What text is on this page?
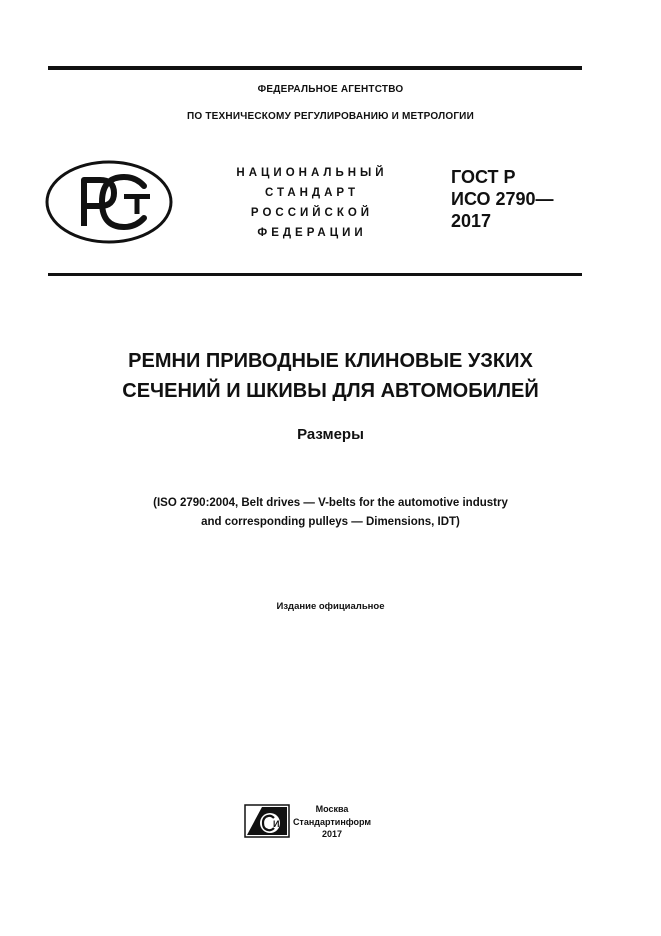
ФЕДЕРАЛЬНОЕ АГЕНТСТВО
ПО ТЕХНИЧЕСКОМУ РЕГУЛИРОВАНИЮ И МЕТРОЛОГИИ
НАЦИОНАЛЬНЫЙ
СТАНДАРТ
РОССИЙСКОЙ
ФЕДЕРАЦИИ
ГОСТ Р
ИСО 2790—
2017
РЕМНИ ПРИВОДНЫЕ КЛИНОВЫЕ УЗКИХ
СЕЧЕНИЙ И ШКИВЫ ДЛЯ АВТОМОБИЛЕЙ
Размеры
(ISO 2790:2004, Belt drives — V-belts for the automotive industry
and corresponding pulleys — Dimensions, IDT)
Издание официальное
И
Москва
Стандартинформ
2017
